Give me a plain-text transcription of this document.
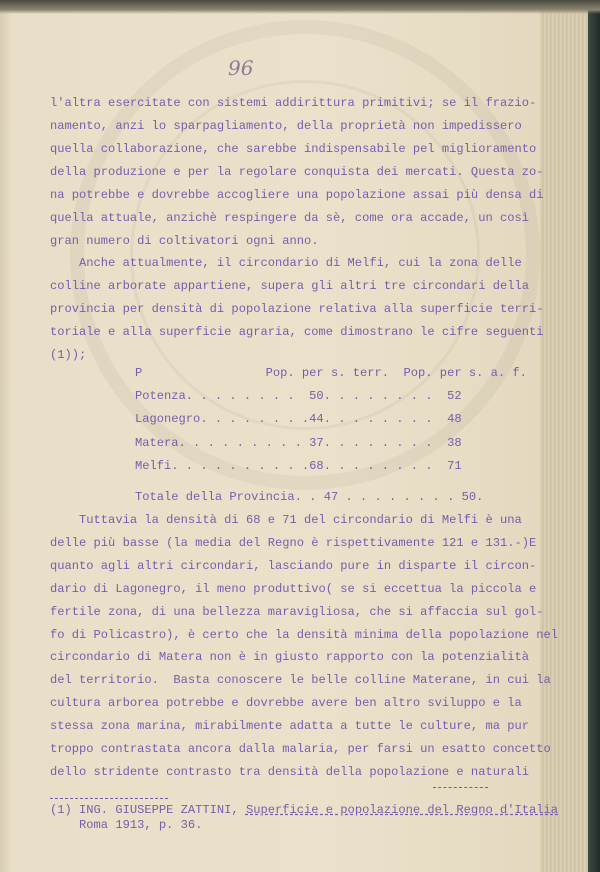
96
l'altra esercitate con sistemi addirittura primitivi; se il frazio-
namento, anzi lo sparpagliamento, della proprietà non impedissero
quella collaborazione, che sarebbe indispensabile pel miglioramento
della produzione e per la regolare conquista dei mercati. Questa zo-
na potrebbe e dovrebbe accogliere una popolazione assai più densa di
quella attuale, anzichè respingere da sè, come ora accade, un così
gran numero di coltivatori ogni anno.
Anche attualmente, il circondario di Melfi, cui la zona delle
colline arborate appartiene, supera gli altri tre circondari della
provincia per densità di popolazione relativa alla superficie terri-
toriale e alla superficie agraria, come dimostrano le cifre seguenti
(1));
P                 Pop. per s. terr.  Pop. per s. a. f.
Potenza. . . . . . . .  50. . . . . . . .  52
Lagonegro. . . . . . . .44. . . . . . . .  48
Matera. . . . . . . . . 37. . . . . . . .  38
Melfi. . . . . . . . . .68. . . . . . . .  71
Totale della Provincia. . 47 . . . . . . . . 50.
Tuttavia la densità di 68 e 71 del circondario di Melfi è una
delle più basse (la media del Regno è rispettivamente 121 e 131.-)E
quanto agli altri circondari, lasciando pure in disparte il circon-
dario di Lagonegro, il meno produttivo( se si eccettua la piccola e
fertile zona, di una bellezza maravigliosa, che si affaccia sul gol-
fo di Policastro), è certo che la densità minima della popolazione nel
circondario di Matera non è in giusto rapporto con la potenzialità
del territorio.  Basta conoscere le belle colline Materane, in cui la
cultura arborea potrebbe e dovrebbe avere ben altro sviluppo e la
stessa zona marina, mirabilmente adatta a tutte le culture, ma pur
troppo contrastata ancora dalla malaria, per farsi un esatto concetto
dello stridente contrasto tra densità della popolazione e naturali
(1) ING. GIUSEPPE ZATTINI, Superficie e popolazione del Regno d'Italia
Roma 1913, p. 36.
